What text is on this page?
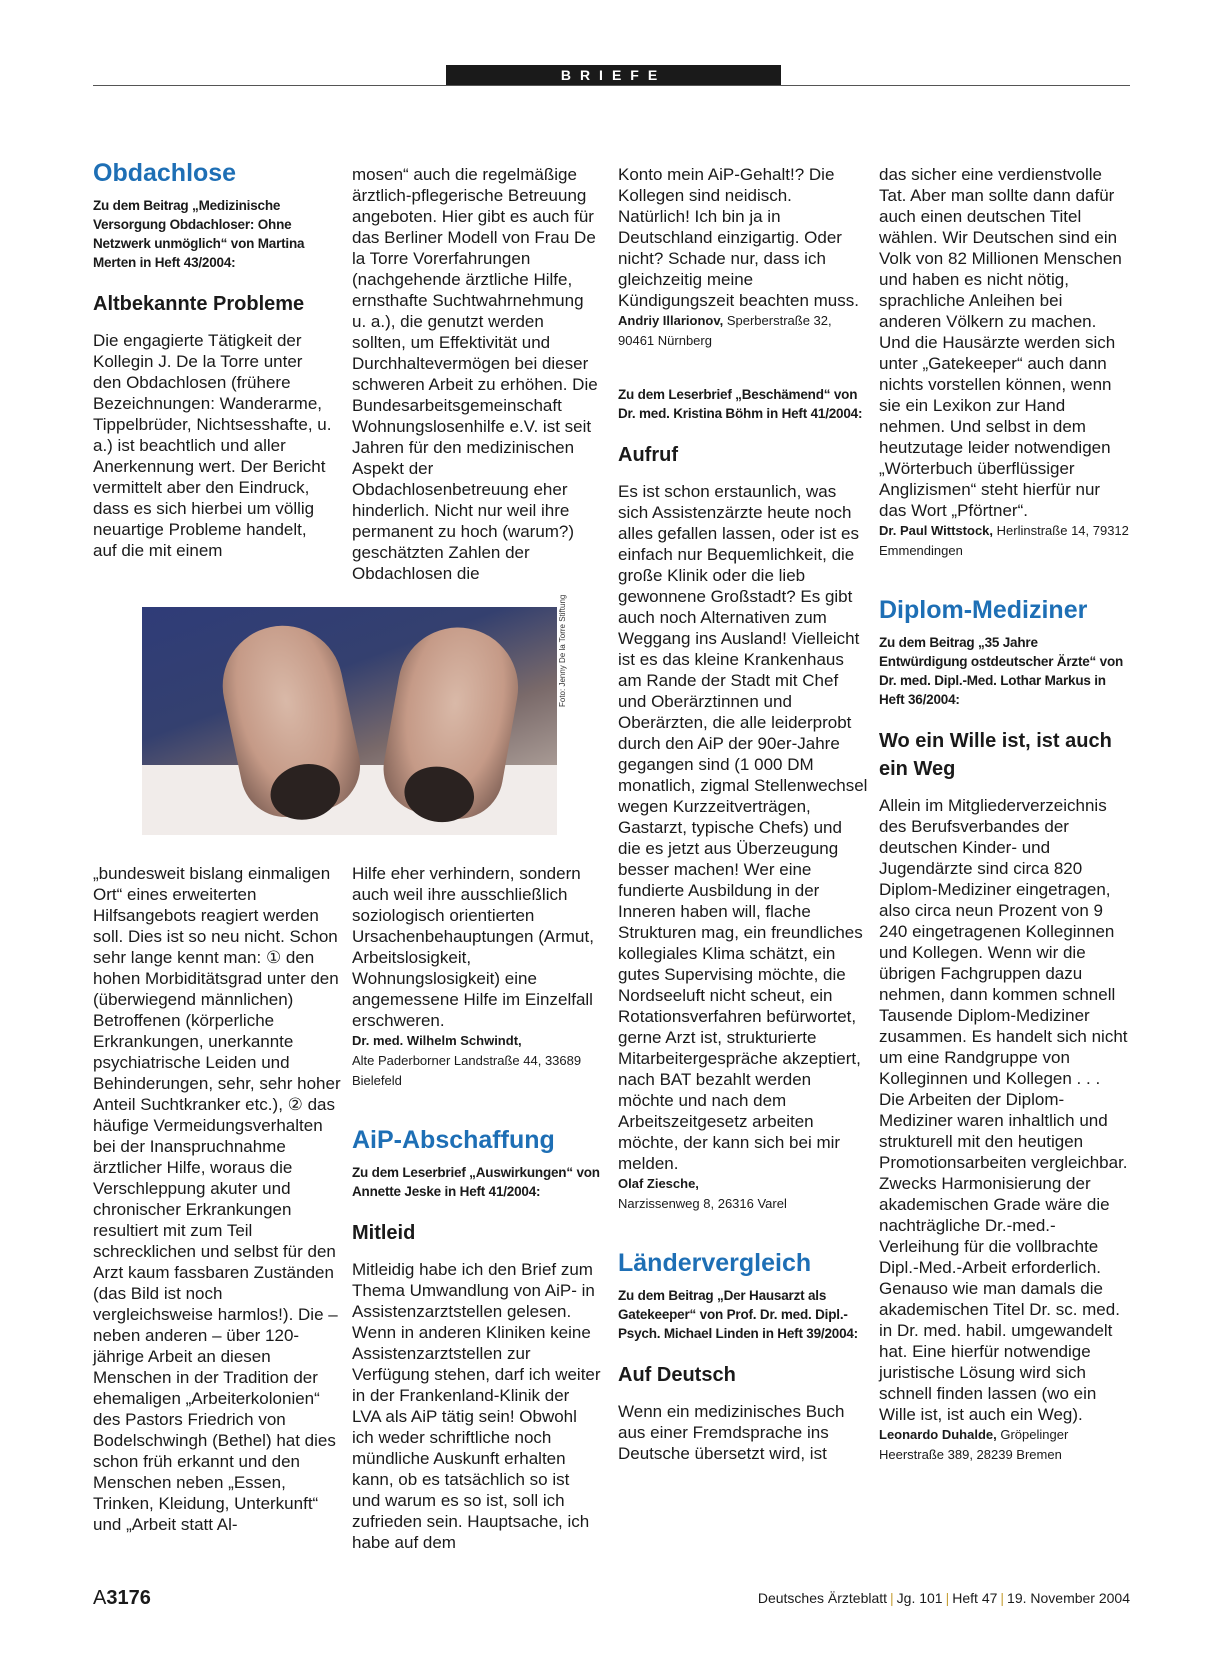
BRIEFE
Obdachlose
Zu dem Beitrag „Medizinische Versorgung Obdachloser: Ohne Netzwerk unmöglich“ von Martina Merten in Heft 43/2004:
Altbekannte Probleme

Die engagierte Tätigkeit der Kollegin J. De la Torre unter den Obdachlosen (frühere Bezeichnungen: Wanderarme, Tippelbrüder, Nichtsesshafte, u. a.) ist beachtlich und aller Anerkennung wert. Der Bericht vermittelt aber den Eindruck, dass es sich hierbei um völlig neuartige Probleme handelt, auf die mit einem

mosen“ auch die regelmäßige ärztlich-pflegerische Betreuung angeboten. Hier gibt es auch für das Berliner Modell von Frau De la Torre Vorerfahrungen (nachgehende ärztliche Hilfe, ernsthafte Suchtwahrnehmung u. a.), die genutzt werden sollten, um Effektivität und Durchhaltevermögen bei dieser schweren Arbeit zu erhöhen. Die Bundesarbeitsgemeinschaft Wohnungslosenhilfe e.V. ist seit Jahren für den medizinischen Aspekt der Obdachlosenbetreuung eher hinderlich. Nicht nur weil ihre permanent zu hoch (warum?) geschätzten Zahlen der Obdachlosen die

Foto: Jenny De la Torre Stiftung

„bundesweit bislang einmaligen Ort“ eines erweiterten Hilfsangebots reagiert werden soll. Dies ist so neu nicht. Schon sehr lange kennt man: ① den hohen Morbiditätsgrad unter den (überwiegend männlichen) Betroffenen (körperliche Erkrankungen, unerkannte psychiatrische Leiden und Behinderungen, sehr, sehr hoher Anteil Suchtkranker etc.), ② das häufige Vermeidungsverhalten bei der Inanspruchnahme ärztlicher Hilfe, woraus die Verschleppung akuter und chronischer Erkrankungen resultiert mit zum Teil schrecklichen und selbst für den Arzt kaum fassbaren Zuständen (das Bild ist noch vergleichsweise harmlos!). Die – neben anderen – über 120-jährige Arbeit an diesen Menschen in der Tradition der ehemaligen „Arbeiterkolonien“ des Pastors Friedrich von Bodelschwingh (Bethel) hat dies schon früh erkannt und den Menschen neben „Essen, Trinken, Kleidung, Unterkunft“ und „Arbeit statt Al-

Hilfe eher verhindern, sondern auch weil ihre ausschließlich soziologisch orientierten Ursachenbehauptungen (Armut, Arbeitslosigkeit, Wohnungslosigkeit) eine angemessene Hilfe im Einzelfall erschweren.

Dr. med. Wilhelm Schwindt,
Alte Paderborner Landstraße 44, 33689 Bielefeld
AiP-Abschaffung
Zu dem Leserbrief „Auswirkungen“ von Annette Jeske in Heft 41/2004:
Mitleid

Mitleidig habe ich den Brief zum Thema Umwandlung von AiP- in Assistenzarztstellen gelesen. Wenn in anderen Kliniken keine Assistenzarztstellen zur Verfügung stehen, darf ich weiter in der Frankenland-Klinik der LVA als AiP tätig sein! Obwohl ich weder schriftliche noch mündliche Auskunft erhalten kann, ob es tatsächlich so ist und warum es so ist, soll ich zufrieden sein. Hauptsache, ich habe auf dem

Konto mein AiP-Gehalt!? Die Kollegen sind neidisch. Natürlich! Ich bin ja in Deutschland einzigartig. Oder nicht? Schade nur, dass ich gleichzeitig meine Kündigungszeit beachten muss.

Andriy Illarionov, Sperberstraße 32, 90461 Nürnberg
Zu dem Leserbrief „Beschämend“ von Dr. med. Kristina Böhm in Heft 41/2004:
Aufruf

Es ist schon erstaunlich, was sich Assistenzärzte heute noch alles gefallen lassen, oder ist es einfach nur Bequemlichkeit, die große Klinik oder die lieb gewonnene Großstadt? Es gibt auch noch Alternativen zum Weggang ins Ausland! Vielleicht ist es das kleine Krankenhaus am Rande der Stadt mit Chef und Oberärztinnen und Oberärzten, die alle leiderprobt durch den AiP der 90er-Jahre gegangen sind (1 000 DM monatlich, zigmal Stellenwechsel wegen Kurzzeitverträgen, Gastarzt, typische Chefs) und die es jetzt aus Überzeugung besser machen! Wer eine fundierte Ausbildung in der Inneren haben will, flache Strukturen mag, ein freundliches kollegiales Klima schätzt, ein gutes Supervising möchte, die Nordseeluft nicht scheut, ein Rotationsverfahren befürwortet, gerne Arzt ist, strukturierte Mitarbeitergespräche akzeptiert, nach BAT bezahlt werden möchte und nach dem Arbeitszeitgesetz arbeiten möchte, der kann sich bei mir melden.

Olaf Ziesche,
Narzissenweg 8, 26316 Varel
Ländervergleich
Zu dem Beitrag „Der Hausarzt als Gatekeeper“ von Prof. Dr. med. Dipl.-Psych. Michael Linden in Heft 39/2004:
Auf Deutsch

Wenn ein medizinisches Buch aus einer Fremdsprache ins Deutsche übersetzt wird, ist

das sicher eine verdienstvolle Tat. Aber man sollte dann dafür auch einen deutschen Titel wählen. Wir Deutschen sind ein Volk von 82 Millionen Menschen und haben es nicht nötig, sprachliche Anleihen bei anderen Völkern zu machen. Und die Hausärzte werden sich unter „Gatekeeper“ auch dann nichts vorstellen können, wenn sie ein Lexikon zur Hand nehmen. Und selbst in dem heutzutage leider notwendigen „Wörterbuch überflüssiger Anglizismen“ steht hierfür nur das Wort „Pförtner“.

Dr. Paul Wittstock, Herlinstraße 14, 79312 Emmendingen
Diplom-Mediziner
Zu dem Beitrag „35 Jahre Entwürdigung ostdeutscher Ärzte“ von Dr. med. Dipl.-Med. Lothar Markus in Heft 36/2004:
Wo ein Wille ist, ist auch ein Weg

Allein im Mitgliederverzeichnis des Berufsverbandes der deutschen Kinder- und Jugendärzte sind circa 820 Diplom-Mediziner eingetragen, also circa neun Prozent von 9 240 eingetragenen Kolleginnen und Kollegen. Wenn wir die übrigen Fachgruppen dazu nehmen, dann kommen schnell Tausende Diplom-Mediziner zusammen. Es handelt sich nicht um eine Randgruppe von Kolleginnen und Kollegen . . . Die Arbeiten der Diplom-Mediziner waren inhaltlich und strukturell mit den heutigen Promotionsarbeiten vergleichbar. Zwecks Harmonisierung der akademischen Grade wäre die nachträgliche Dr.-med.-Verleihung für die vollbrachte Dipl.-Med.-Arbeit erforderlich. Genauso wie man damals die akademischen Titel Dr. sc. med. in Dr. med. habil. umgewandelt hat. Eine hierfür notwendige juristische Lösung wird sich schnell finden lassen (wo ein Wille ist, ist auch ein Weg).

Leonardo Duhalde, Gröpelinger Heerstraße 389, 28239 Bremen
A3176	Deutsches Ärzteblatt | Jg. 101 | Heft 47 | 19. November 2004
